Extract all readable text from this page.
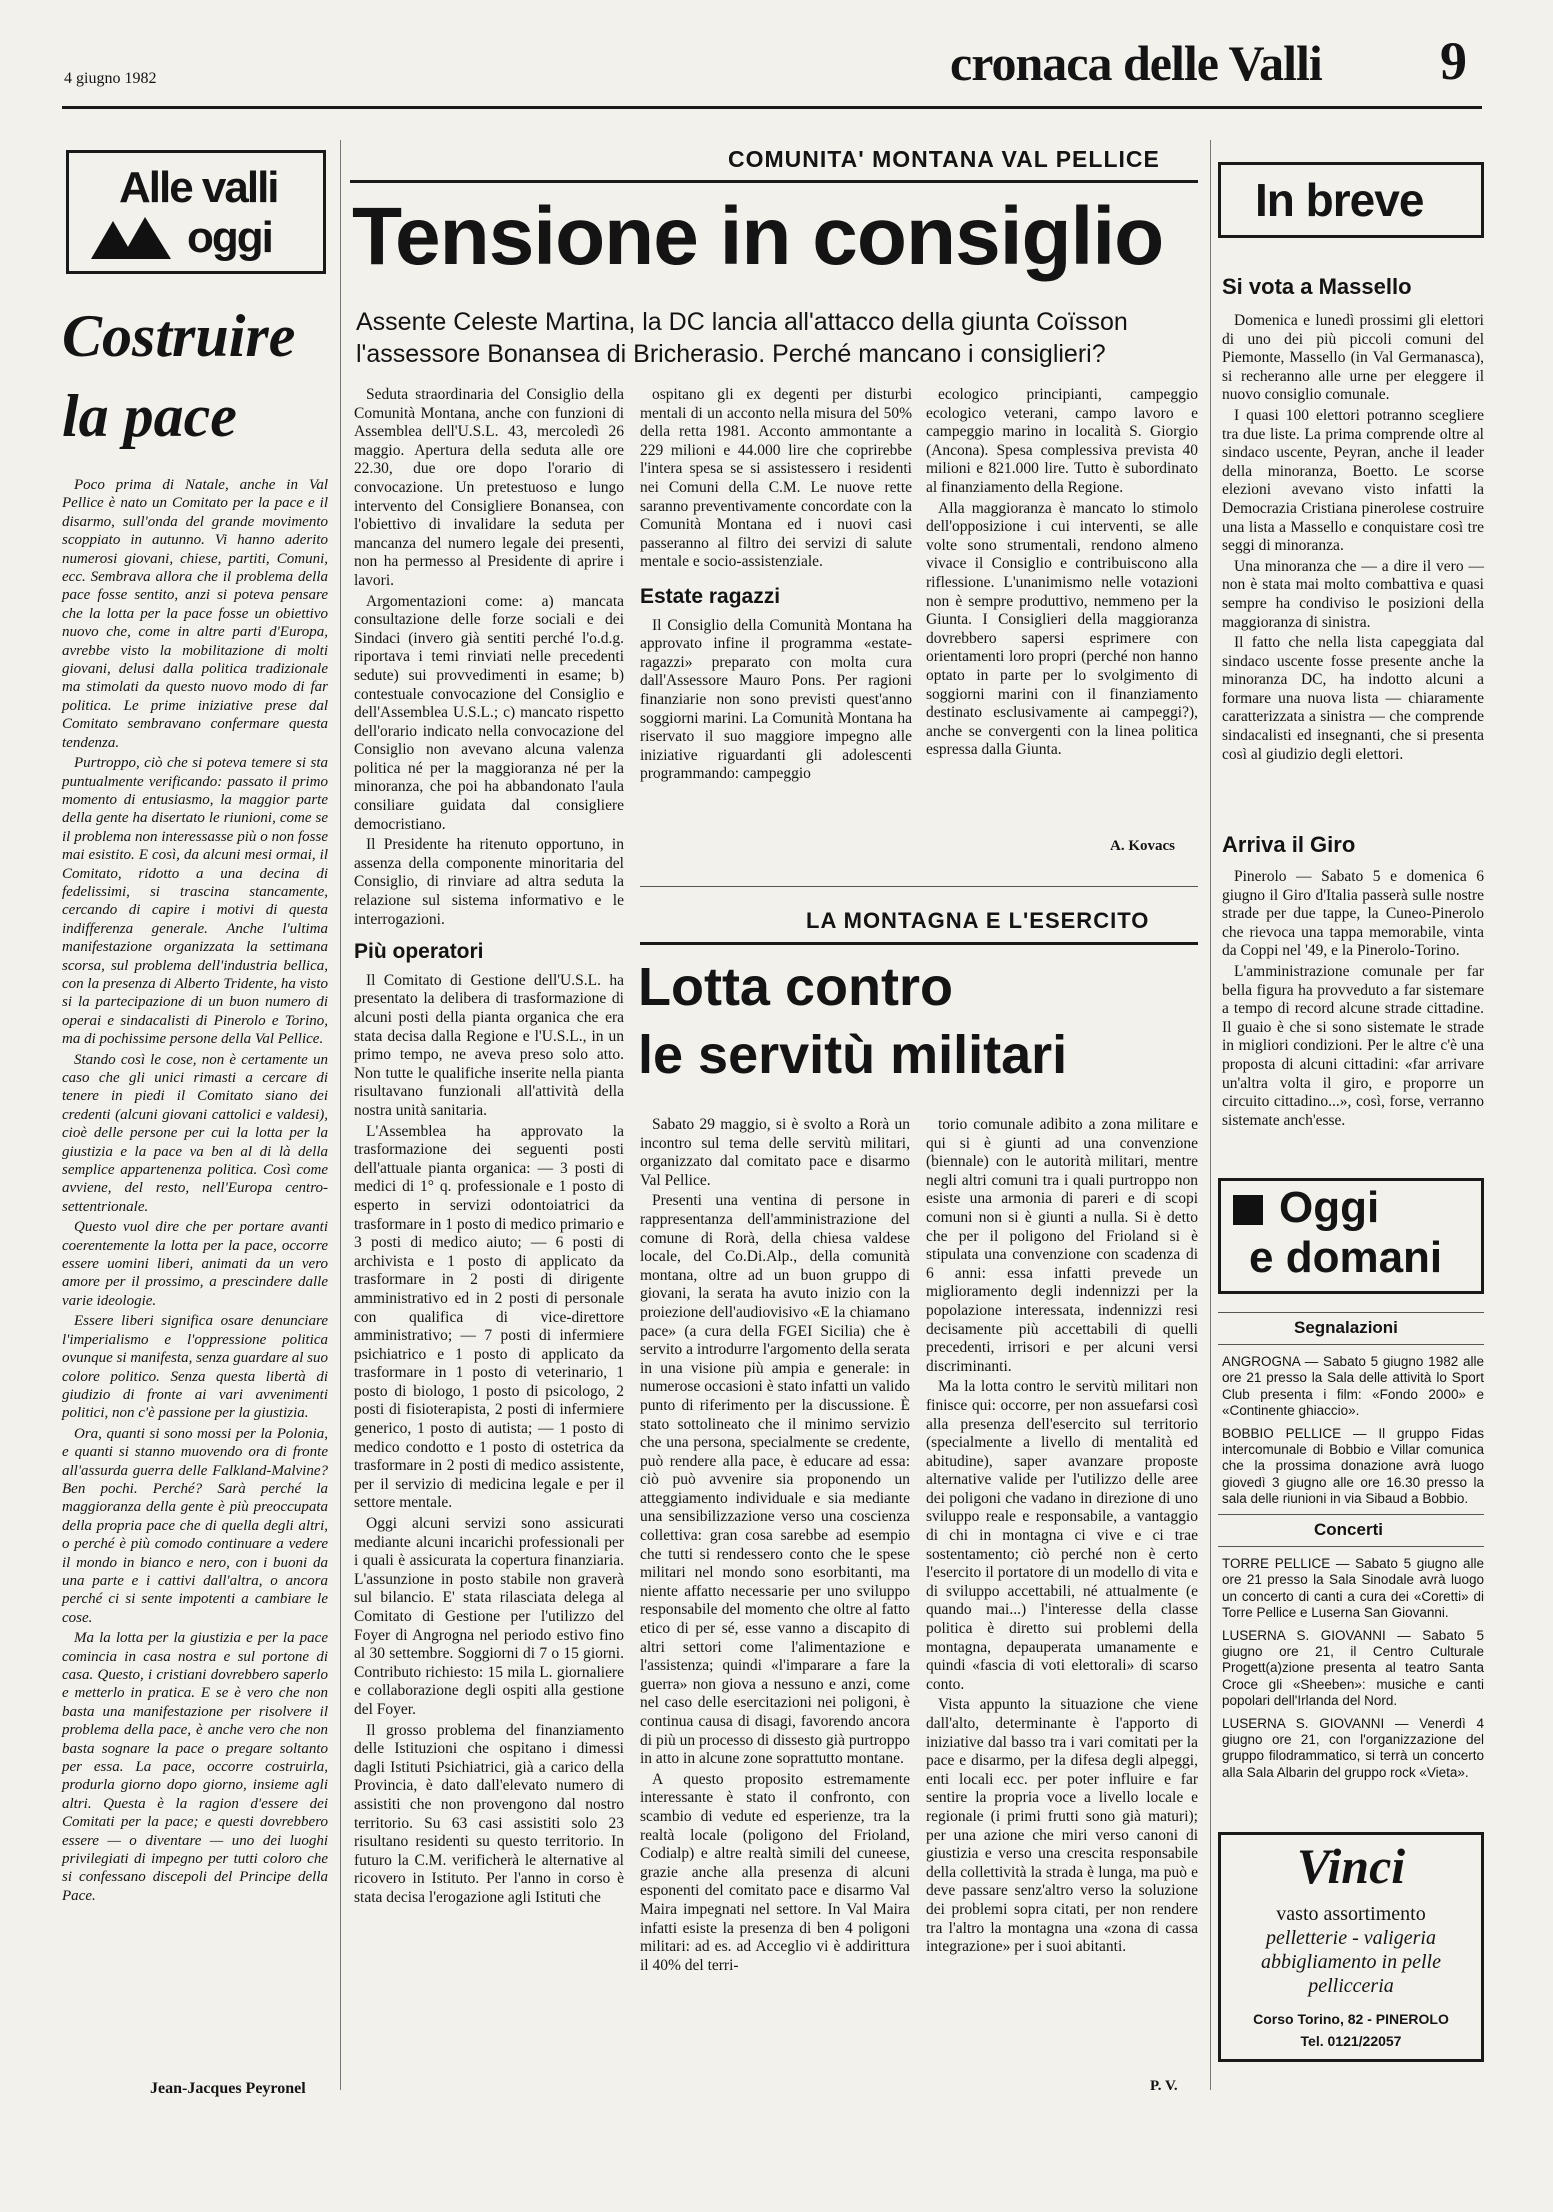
4 giugno 1982	cronaca delle Valli 9
Alle valli
oggi
Costruire
la pace

Poco prima di Natale, anche in Val Pellice è nato un Comitato per la pace e il disarmo, sull'onda del grande movimento scoppiato in autunno. Vi hanno aderito numerosi giovani, chiese, partiti, Comuni, ecc. Sembrava allora che il problema della pace fosse sentito, anzi si poteva pensare che la lotta per la pace fosse un obiettivo nuovo che, come in altre parti d'Europa, avrebbe visto la mobilitazione di molti giovani, delusi dalla politica tradizionale ma stimolati da questo nuovo modo di far politica. Le prime iniziative prese dal Comitato sembravano confermare questa tendenza.

Purtroppo, ciò che si poteva temere si sta puntualmente verificando: passato il primo momento di entusiasmo, la maggior parte della gente ha disertato le riunioni, come se il problema non interessasse più o non fosse mai esistito. E così, da alcuni mesi ormai, il Comitato, ridotto a una decina di fedelissimi, si trascina stancamente, cercando di capire i motivi di questa indifferenza generale. Anche l'ultima manifestazione organizzata la settimana scorsa, sul problema dell'industria bellica, con la presenza di Alberto Tridente, ha visto si la partecipazione di un buon numero di operai e sindacalisti di Pinerolo e Torino, ma di pochissime persone della Val Pellice.

Stando così le cose, non è certamente un caso che gli unici rimasti a cercare di tenere in piedi il Comitato siano dei credenti (alcuni giovani cattolici e valdesi), cioè delle persone per cui la lotta per la giustizia e la pace va ben al di là della semplice appartenenza politica. Così come avviene, del resto, nell'Europa centro-settentrionale.

Questo vuol dire che per portare avanti coerentemente la lotta per la pace, occorre essere uomini liberi, animati da un vero amore per il prossimo, a prescindere dalle varie ideologie.

Essere liberi significa osare denunciare l'imperialismo e l'oppressione politica ovunque si manifesta, senza guardare al suo colore politico. Senza questa libertà di giudizio di fronte ai vari avvenimenti politici, non c'è passione per la giustizia.

Ora, quanti si sono mossi per la Polonia, e quanti si stanno muovendo ora di fronte all'assurda guerra delle Falkland-Malvine? Ben pochi. Perché? Sarà perché la maggioranza della gente è più preoccupata della propria pace che di quella degli altri, o perché è più comodo continuare a vedere il mondo in bianco e nero, con i buoni da una parte e i cattivi dall'altra, o ancora perché ci si sente impotenti a cambiare le cose.

Ma la lotta per la giustizia e per la pace comincia in casa nostra e sul portone di casa. Questo, i cristiani dovrebbero saperlo e metterlo in pratica. E se è vero che non basta una manifestazione per risolvere il problema della pace, è anche vero che non basta sognare la pace o pregare soltanto per essa. La pace, occorre costruirla, produrla giorno dopo giorno, insieme agli altri. Questa è la ragion d'essere dei Comitati per la pace; e questi dovrebbero essere — o diventare — uno dei luoghi privilegiati di impegno per tutti coloro che si confessano discepoli del Principe della Pace.

Jean-Jacques Peyronel
COMUNITA' MONTANA VAL PELLICE
Tensione in consiglio
Assente Celeste Martina, la DC lancia all'attacco della giunta Coïsson l'assessore Bonansea di Bricherasio. Perché mancano i consiglieri?

Seduta straordinaria del Consiglio della Comunità Montana, anche con funzioni di Assemblea dell'U.S.L. 43, mercoledì 26 maggio. Apertura della seduta alle ore 22.30, due ore dopo l'orario di convocazione. Un pretestuoso e lungo intervento del Consigliere Bonansea, con l'obiettivo di invalidare la seduta per mancanza del numero legale dei presenti, non ha permesso al Presidente di aprire i lavori.

Argomentazioni come: a) mancata consultazione delle forze sociali e dei Sindaci (invero già sentiti perché l'o.d.g. riportava i temi rinviati nelle precedenti sedute) sui provvedimenti in esame; b) contestuale convocazione del Consiglio e dell'Assemblea U.S.L.; c) mancato rispetto dell'orario indicato nella convocazione del Consiglio non avevano alcuna valenza politica né per la maggioranza né per la minoranza, che poi ha abbandonato l'aula consiliare guidata dal consigliere democristiano.

Il Presidente ha ritenuto opportuno, in assenza della componente minoritaria del Consiglio, di rinviare ad altra seduta la relazione sul sistema informativo e le interrogazioni.

Più operatori

Il Comitato di Gestione dell'U.S.L. ha presentato la delibera di trasformazione di alcuni posti della pianta organica che era stata decisa dalla Regione e l'U.S.L., in un primo tempo, ne aveva preso solo atto. Non tutte le qualifiche inserite nella pianta risultavano funzionali all'attività della nostra unità sanitaria.

L'Assemblea ha approvato la trasformazione dei seguenti posti dell'attuale pianta organica: — 3 posti di medici di 1° q. professionale e 1 posto di esperto in servizi odontoiatrici da trasformare in 1 posto di medico primario e 3 posti di medico aiuto; — 6 posti di archivista e 1 posto di applicato da trasformare in 2 posti di dirigente amministrativo ed in 2 posti di personale con qualifica di vice-direttore amministrativo; — 7 posti di infermiere psichiatrico e 1 posto di applicato da trasformare in 1 posto di veterinario, 1 posto di biologo, 1 posto di psicologo, 2 posti di fisioterapista, 2 posti di infermiere generico, 1 posto di autista; — 1 posto di medico condotto e 1 posto di ostetrica da trasformare in 2 posti di medico assistente, per il servizio di medicina legale e per il settore mentale.

Oggi alcuni servizi sono assicurati mediante alcuni incarichi professionali per i quali è assicurata la copertura finanziaria. L'assunzione in posto stabile non graverà sul bilancio. E' stata rilasciata delega al Comitato di Gestione per l'utilizzo del Foyer di Angrogna nel periodo estivo fino al 30 settembre. Soggiorni di 7 o 15 giorni. Contributo richiesto: 15 mila L. giornaliere e collaborazione degli ospiti alla gestione del Foyer.

Il grosso problema del finanziamento delle Istituzioni che ospitano i dimessi dagli Istituti Psichiatrici, già a carico della Provincia, è dato dall'elevato numero di assistiti che non provengono dal nostro territorio. Su 63 casi assistiti solo 23 risultano residenti su questo territorio. In futuro la C.M. verificherà le alternative al ricovero in Istituto. Per l'anno in corso è stata decisa l'erogazione agli Istituti che

ospitano gli ex degenti per disturbi mentali di un acconto nella misura del 50% della retta 1981. Acconto ammontante a 229 milioni e 44.000 lire che coprirebbe l'intera spesa se si assistessero i residenti nei Comuni della C.M. Le nuove rette saranno preventivamente concordate con la Comunità Montana ed i nuovi casi passeranno al filtro dei servizi di salute mentale e socio-assistenziale.

Estate ragazzi

Il Consiglio della Comunità Montana ha approvato infine il programma «estate-ragazzi» preparato con molta cura dall'Assessore Mauro Pons. Per ragioni finanziarie non sono previsti quest'anno soggiorni marini. La Comunità Montana ha riservato il suo maggiore impegno alle iniziative riguardanti gli adolescenti programmando: campeggio

ecologico principianti, campeggio ecologico veterani, campo lavoro e campeggio marino in località S. Giorgio (Ancona). Spesa complessiva prevista 40 milioni e 821.000 lire. Tutto è subordinato al finanziamento della Regione.

Alla maggioranza è mancato lo stimolo dell'opposizione i cui interventi, se alle volte sono strumentali, rendono almeno vivace il Consiglio e contribuiscono alla riflessione. L'unanimismo nelle votazioni non è sempre produttivo, nemmeno per la Giunta. I Consiglieri della maggioranza dovrebbero sapersi esprimere con orientamenti loro propri (perché non hanno optato in parte per lo svolgimento di soggiorni marini con il finanziamento destinato esclusivamente ai campeggi?), anche se convergenti con la linea politica espressa dalla Giunta.

A. Kovacs
LA MONTAGNA E L'ESERCITO
Lotta contro
le servitù militari

Sabato 29 maggio, si è svolto a Rorà un incontro sul tema delle servitù militari, organizzato dal comitato pace e disarmo Val Pellice.

Presenti una ventina di persone in rappresentanza dell'amministrazione del comune di Rorà, della chiesa valdese locale, del Co.Di.Alp., della comunità montana, oltre ad un buon gruppo di giovani, la serata ha avuto inizio con la proiezione dell'audiovisivo «E la chiamano pace» (a cura della FGEI Sicilia) che è servito a introdurre l'argomento della serata in una visione più ampia e generale: in numerose occasioni è stato infatti un valido punto di riferimento per la discussione. È stato sottolineato che il minimo servizio che una persona, specialmente se credente, può rendere alla pace, è educare ad essa: ciò può avvenire sia proponendo un atteggiamento individuale e sia mediante una sensibilizzazione verso una coscienza collettiva: gran cosa sarebbe ad esempio che tutti si rendessero conto che le spese militari nel mondo sono esorbitanti, ma niente affatto necessarie per uno sviluppo responsabile del momento che oltre al fatto etico di per sé, esse vanno a discapito di altri settori come l'alimentazione e l'assistenza; quindi «l'imparare a fare la guerra» non giova a nessuno e anzi, come nel caso delle esercitazioni nei poligoni, è continua causa di disagi, favorendo ancora di più un processo di dissesto già purtroppo in atto in alcune zone soprattutto montane.

A questo proposito estremamente interessante è stato il confronto, con scambio di vedute ed esperienze, tra la realtà locale (poligono del Frioland, Codialp) e altre realtà simili del cuneese, grazie anche alla presenza di alcuni esponenti del comitato pace e disarmo Val Maira impegnati nel settore. In Val Maira infatti esiste la presenza di ben 4 poligoni militari: ad es. ad Acceglio vi è addirittura il 40% del terri-

torio comunale adibito a zona militare e qui si è giunti ad una convenzione (biennale) con le autorità militari, mentre negli altri comuni tra i quali purtroppo non esiste una armonia di pareri e di scopi comuni non si è giunti a nulla. Si è detto che per il poligono del Frioland si è stipulata una convenzione con scadenza di 6 anni: essa infatti prevede un miglioramento degli indennizzi per la popolazione interessata, indennizzi resi decisamente più accettabili di quelli precedenti, irrisori e per alcuni versi discriminanti.

Ma la lotta contro le servitù militari non finisce qui: occorre, per non assuefarsi così alla presenza dell'esercito sul territorio (specialmente a livello di mentalità ed abitudine), saper avanzare proposte alternative valide per l'utilizzo delle aree dei poligoni che vadano in direzione di uno sviluppo reale e responsabile, a vantaggio di chi in montagna ci vive e ci trae sostentamento; ciò perché non è certo l'esercito il portatore di un modello di vita e di sviluppo accettabili, né attualmente (e quando mai...) l'interesse della classe politica è diretto sui problemi della montagna, depauperata umanamente e quindi «fascia di voti elettorali» di scarso conto.

Vista appunto la situazione che viene dall'alto, determinante è l'apporto di iniziative dal basso tra i vari comitati per la pace e disarmo, per la difesa degli alpeggi, enti locali ecc. per poter influire e far sentire la propria voce a livello locale e regionale (i primi frutti sono già maturi); per una azione che miri verso canoni di giustizia e verso una crescita responsabile della collettività la strada è lunga, ma può e deve passare senz'altro verso la soluzione dei problemi sopra citati, per non rendere tra l'altro la montagna una «zona di cassa integrazione» per i suoi abitanti.

P. V.
In breve
Si vota a Massello

Domenica e lunedì prossimi gli elettori di uno dei più piccoli comuni del Piemonte, Massello (in Val Germanasca), si recheranno alle urne per eleggere il nuovo consiglio comunale.

I quasi 100 elettori potranno scegliere tra due liste. La prima comprende oltre al sindaco uscente, Peyran, anche il leader della minoranza, Boetto. Le scorse elezioni avevano visto infatti la Democrazia Cristiana pinerolese costruire una lista a Massello e conquistare così tre seggi di minoranza.

Una minoranza che — a dire il vero — non è stata mai molto combattiva e quasi sempre ha condiviso le posizioni della maggioranza di sinistra.

Il fatto che nella lista capeggiata dal sindaco uscente fosse presente anche la minoranza DC, ha indotto alcuni a formare una nuova lista — chiaramente caratterizzata a sinistra — che comprende sindacalisti ed insegnanti, che si presenta così al giudizio degli elettori.

Arriva il Giro

Pinerolo — Sabato 5 e domenica 6 giugno il Giro d'Italia passerà sulle nostre strade per due tappe, la Cuneo-Pinerolo che rievoca una tappa memorabile, vinta da Coppi nel '49, e la Pinerolo-Torino.

L'amministrazione comunale per far bella figura ha provveduto a far sistemare a tempo di record alcune strade cittadine. Il guaio è che si sono sistemate le strade in migliori condizioni. Per le altre c'è una proposta di alcuni cittadini: «far arrivare un'altra volta il giro, e proporre un circuito cittadino...», così, forse, verranno sistemate anch'esse.

Oggi
e domani
Segnalazioni

ANGROGNA — Sabato 5 giugno 1982 alle ore 21 presso la Sala delle attività lo Sport Club presenta i film: «Fondo 2000» e «Continente ghiaccio».

BOBBIO PELLICE — Il gruppo Fidas intercomunale di Bobbio e Villar comunica che la prossima donazione avrà luogo giovedì 3 giugno alle ore 16.30 presso la sala delle riunioni in via Sibaud a Bobbio.

Concerti

TORRE PELLICE — Sabato 5 giugno alle ore 21 presso la Sala Sinodale avrà luogo un concerto di canti a cura dei «Coretti» di Torre Pellice e Luserna San Giovanni.

LUSERNA S. GIOVANNI — Sabato 5 giugno ore 21, il Centro Culturale Progett(a)zione presenta al teatro Santa Croce gli «Sheeben»: musiche e canti popolari dell'Irlanda del Nord.

LUSERNA S. GIOVANNI — Venerdì 4 giugno ore 21, con l'organizzazione del gruppo filodrammatico, si terrà un concerto alla Sala Albarin del gruppo rock «Vieta».

Vinci
vasto assortimento
pelletterie - valigeria
abbigliamento in pelle
pellicceria
Corso Torino, 82 - PINEROLO
Tel. 0121/22057
